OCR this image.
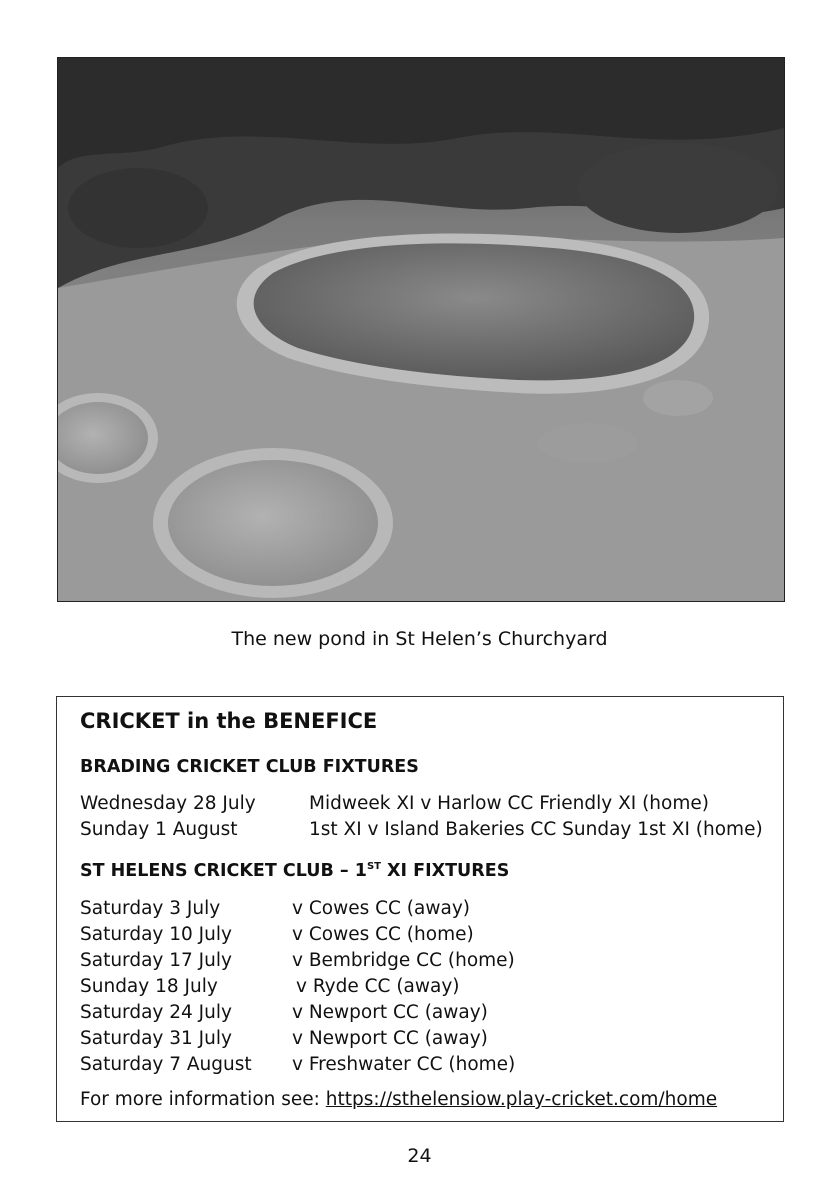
The new pond in St Helen’s Churchyard
CRICKET in the BENEFICE
BRADING CRICKET CLUB FIXTURES
Wednesday 28 July	Midweek XI v Harlow CC Friendly XI (home)
Sunday 1 August	1st XI v Island Bakeries CC Sunday 1st XI (home)
ST HELENS CRICKET CLUB – 1ST XI FIXTURES
Saturday 3 July	v Cowes CC (away)
Saturday 10 July	v Cowes CC (home)
Saturday 17 July	v Bembridge CC (home)
Sunday 18 July	v Ryde CC (away)
Saturday 24 July	v Newport CC (away)
Saturday 31 July	v Newport CC (away)
Saturday 7 August v Freshwater CC (home)
For more information see: https://sthelensiow.play-cricket.com/home
24
